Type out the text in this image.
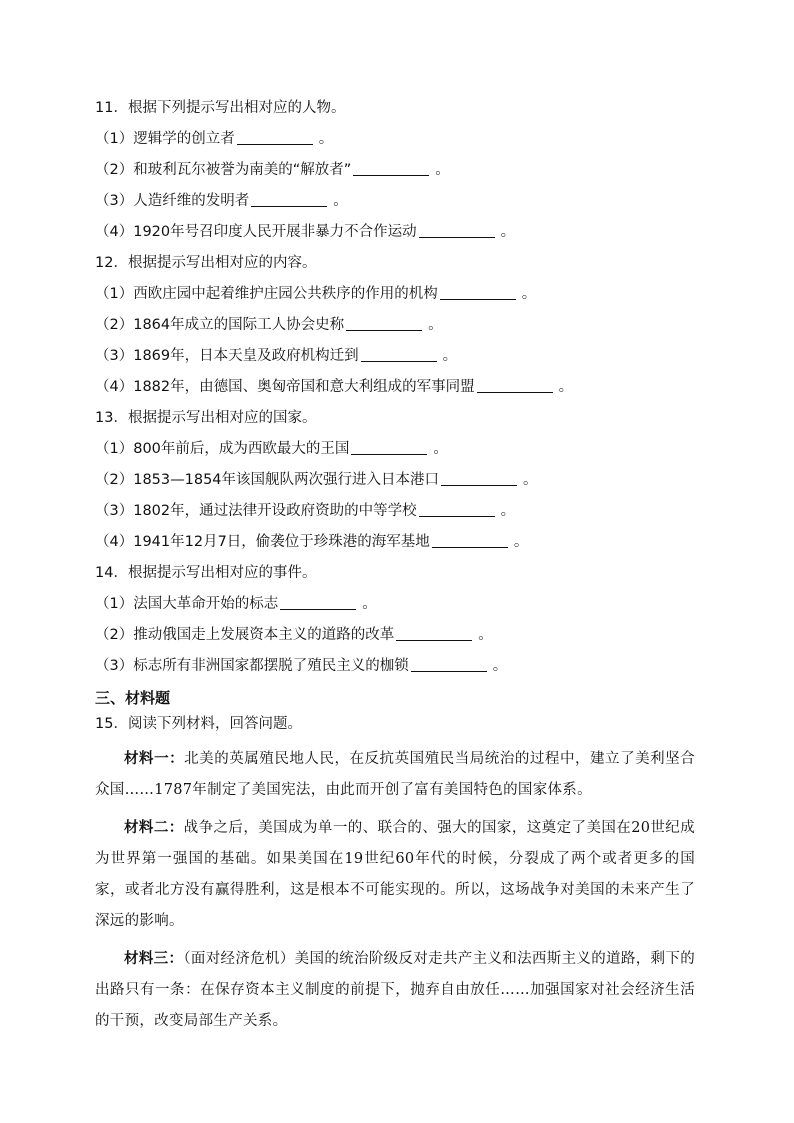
11．根据下列提示写出相对应的人物。
（1）逻辑学的创立者	。
（2）和玻利瓦尔被誉为南美的“解放者”	。
（3）人造纤维的发明者	。
（4）1920年号召印度人民开展非暴力不合作运动	。
12．根据提示写出相对应的内容。
（1）西欧庄园中起着维护庄园公共秩序的作用的机构	。
（2）1864年成立的国际工人协会史称	。
（3）1869年，日本天皇及政府机构迁到	。
（4）1882年，由德国、奥匈帝国和意大利组成的军事同盟	。
13．根据提示写出相对应的国家。
（1）800年前后，成为西欧最大的王国	。
（2）1853—1854年该国舰队两次强行进入日本港口	。
（3）1802年，通过法律开设政府资助的中等学校	。
（4）1941年12月7日，偷袭位于珍珠港的海军基地	。
14．根据提示写出相对应的事件。
（1）法国大革命开始的标志	。
（2）推动俄国走上发展资本主义的道路的改革	。
（3）标志所有非洲国家都摆脱了殖民主义的枷锁	。
三、材料题
15．阅读下列材料，回答问题。
材料一：北美的英属殖民地人民，在反抗英国殖民当局统治的过程中，建立了美利坚合众国……1787年制定了美国宪法，由此而开创了富有美国特色的国家体系。
材料二：战争之后，美国成为单一的、联合的、强大的国家，这奠定了美国在20世纪成为世界第一强国的基础。如果美国在19世纪60年代的时候，分裂成了两个或者更多的国家，或者北方没有赢得胜利，这是根本不可能实现的。所以，这场战争对美国的未来产生了深远的影响。
材料三：（面对经济危机）美国的统治阶级反对走共产主义和法西斯主义的道路，剩下的出路只有一条：在保存资本主义制度的前提下，抛弃自由放任……加强国家对社会经济生活的干预，改变局部生产关系。
